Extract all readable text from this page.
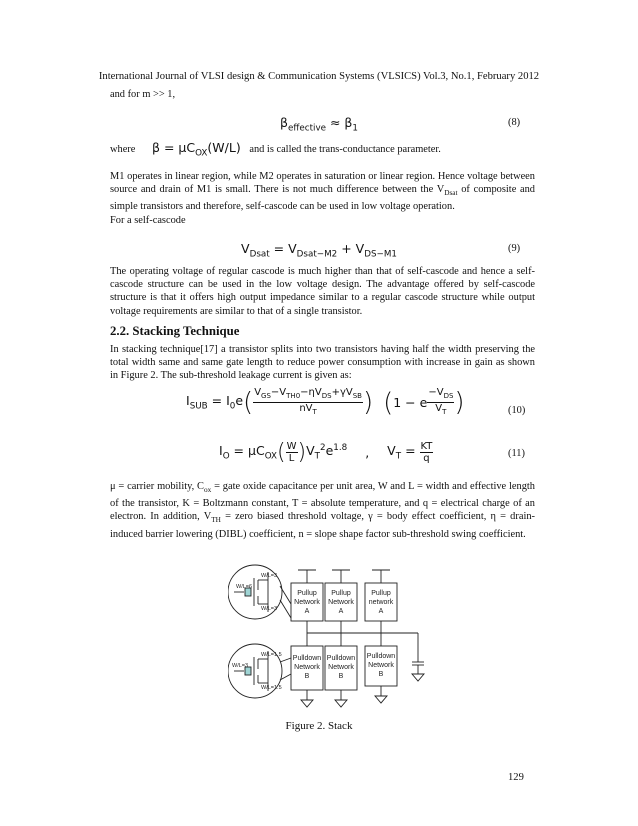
International Journal of VLSI design & Communication Systems (VLSICS) Vol.3, No.1, February 2012
and for m >> 1,
$\beta_{effective} \approx \beta_1$
(8)
where $\beta = \mu C_{OX}(W/L)$ and is called the trans-conductance parameter.
M1 operates in linear region, while M2 operates in saturation or linear region. Hence voltage between source and drain of M1 is small. There is not much difference between the $V_{Dsat}$ of composite and simple transistors and therefore, self-cascode can be used in low voltage operation.
For a self-cascode
$V_{Dsat} = V_{Dsat-M2} + V_{DS-M1}$
(9)
The operating voltage of regular cascode is much higher than that of self-cascode and hence a self-cascode structure can be used in the low voltage design. The advantage offered by self-cascode structure is that it offers high output impedance similar to a regular cascode structure while output voltage requirements are similar to that of a single transistor.
2.2. Stacking Technique
In stacking technique[17] a transistor splits into two transistors having half the width preserving the total width same and same gate length to reduce power consumption with increase in gain as shown in Figure 2. The sub-threshold leakage current is given as:
$I_{SUB} = I_0e( \frac{V_{GS}-V_{TH0}-\eta V_{DS}+\gamma V_{SB}}{nV_T}$ ) (1 − e $\frac{-V_{DS}}{V_T}$ )	(10)
$I_O = \mu C_{OX}( \frac{W}{L} )V_T^2e^{1.8}$ , $V_T = \frac{KT}{q}$	(11)
μ = carrier mobility, $C_{ox}$ = gate oxide capacitance per unit area, W and L = width and effective length of the transistor, K = Boltzmann constant, T = absolute temperature, and q = electrical charge of an electron. In addition, $V_{TH}$ = zero biased threshold voltage, γ = body effect coefficient, η = drain-induced barrier lowering (DIBL) coefficient, n = slope shape factor sub-threshold swing coefficient.
W/L=6
W/L=3
W/L=3
W/L=3
W/L=1.5
W/L=1.5
Pullup
Network
A
Pullup
Network
A
Pullup
network
A
Pulldown
Network
B
Pulldown
Network
B
Pulldown
Network
B
Figure 2. Stack
129
